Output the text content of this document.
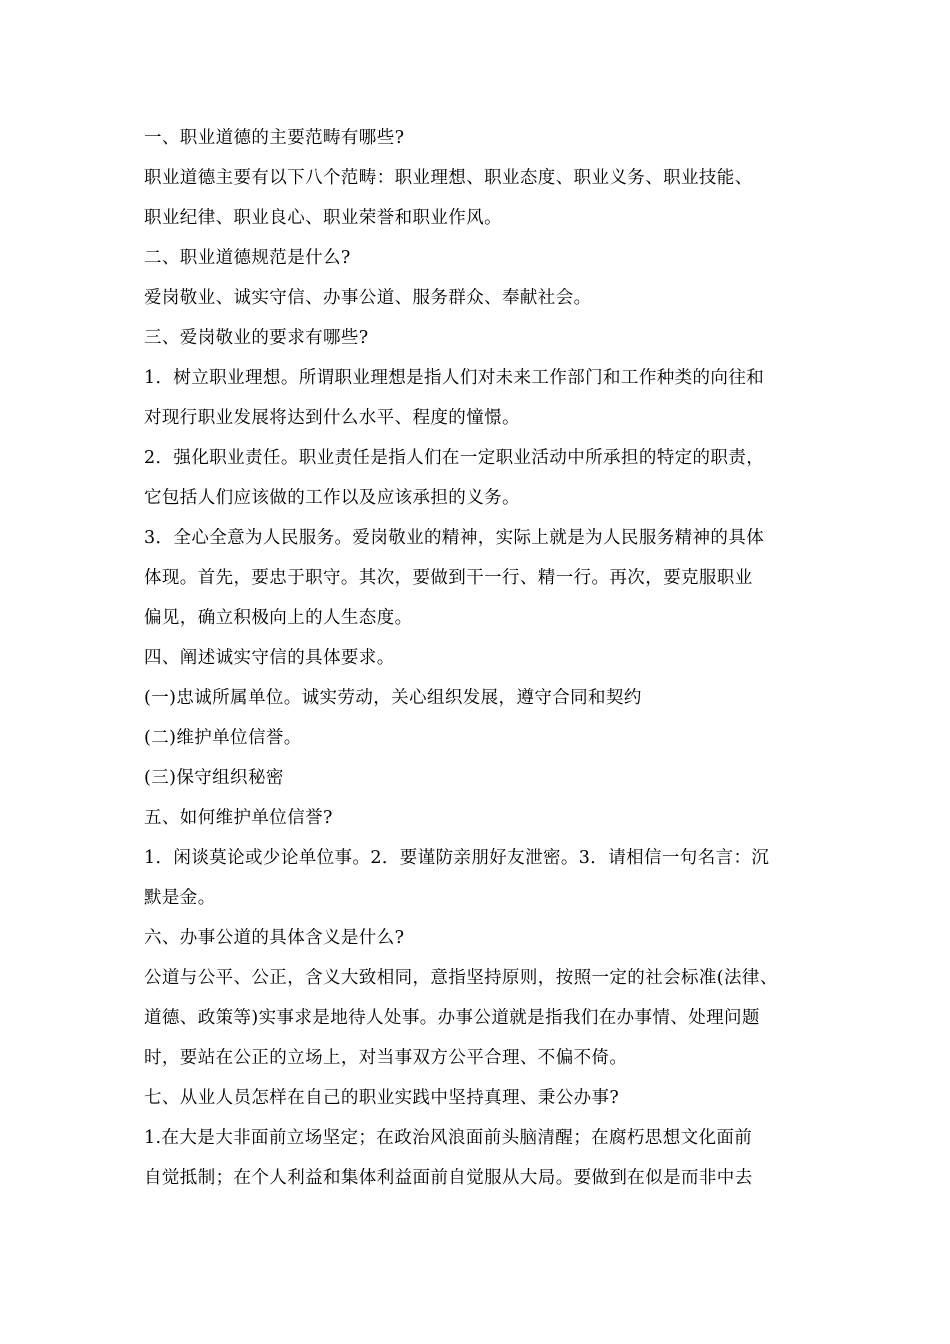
一、职业道德的主要范畴有哪些?
职业道德主要有以下八个范畴：职业理想、职业态度、职业义务、职业技能、
职业纪律、职业良心、职业荣誉和职业作风。
二、职业道德规范是什么?
爱岗敬业、诚实守信、办事公道、服务群众、奉献社会。
三、爱岗敬业的要求有哪些?
1．树立职业理想。所谓职业理想是指人们对未来工作部门和工作种类的向往和
对现行职业发展将达到什么水平、程度的憧憬。
2．强化职业责任。职业责任是指人们在一定职业活动中所承担的特定的职责，
它包括人们应该做的工作以及应该承担的义务。
3．全心全意为人民服务。爱岗敬业的精神，实际上就是为人民服务精神的具体
体现。首先，要忠于职守。其次，要做到干一行、精一行。再次，要克服职业
偏见，确立积极向上的人生态度。
四、阐述诚实守信的具体要求。
(一)忠诚所属单位。诚实劳动，关心组织发展，遵守合同和契约
(二)维护单位信誉。
(三)保守组织秘密
五、如何维护单位信誉?
1．闲谈莫论或少论单位事。2．要谨防亲朋好友泄密。3．请相信一句名言：沉
默是金。
六、办事公道的具体含义是什么?
公道与公平、公正，含义大致相同，意指坚持原则，按照一定的社会标准(法律、
道德、政策等)实事求是地待人处事。办事公道就是指我们在办事情、处理问题
时，要站在公正的立场上，对当事双方公平合理、不偏不倚。
七、从业人员怎样在自己的职业实践中坚持真理、秉公办事?
1.在大是大非面前立场坚定；在政治风浪面前头脑清醒；在腐朽思想文化面前
自觉抵制；在个人利益和集体利益面前自觉服从大局。要做到在似是而非中去
